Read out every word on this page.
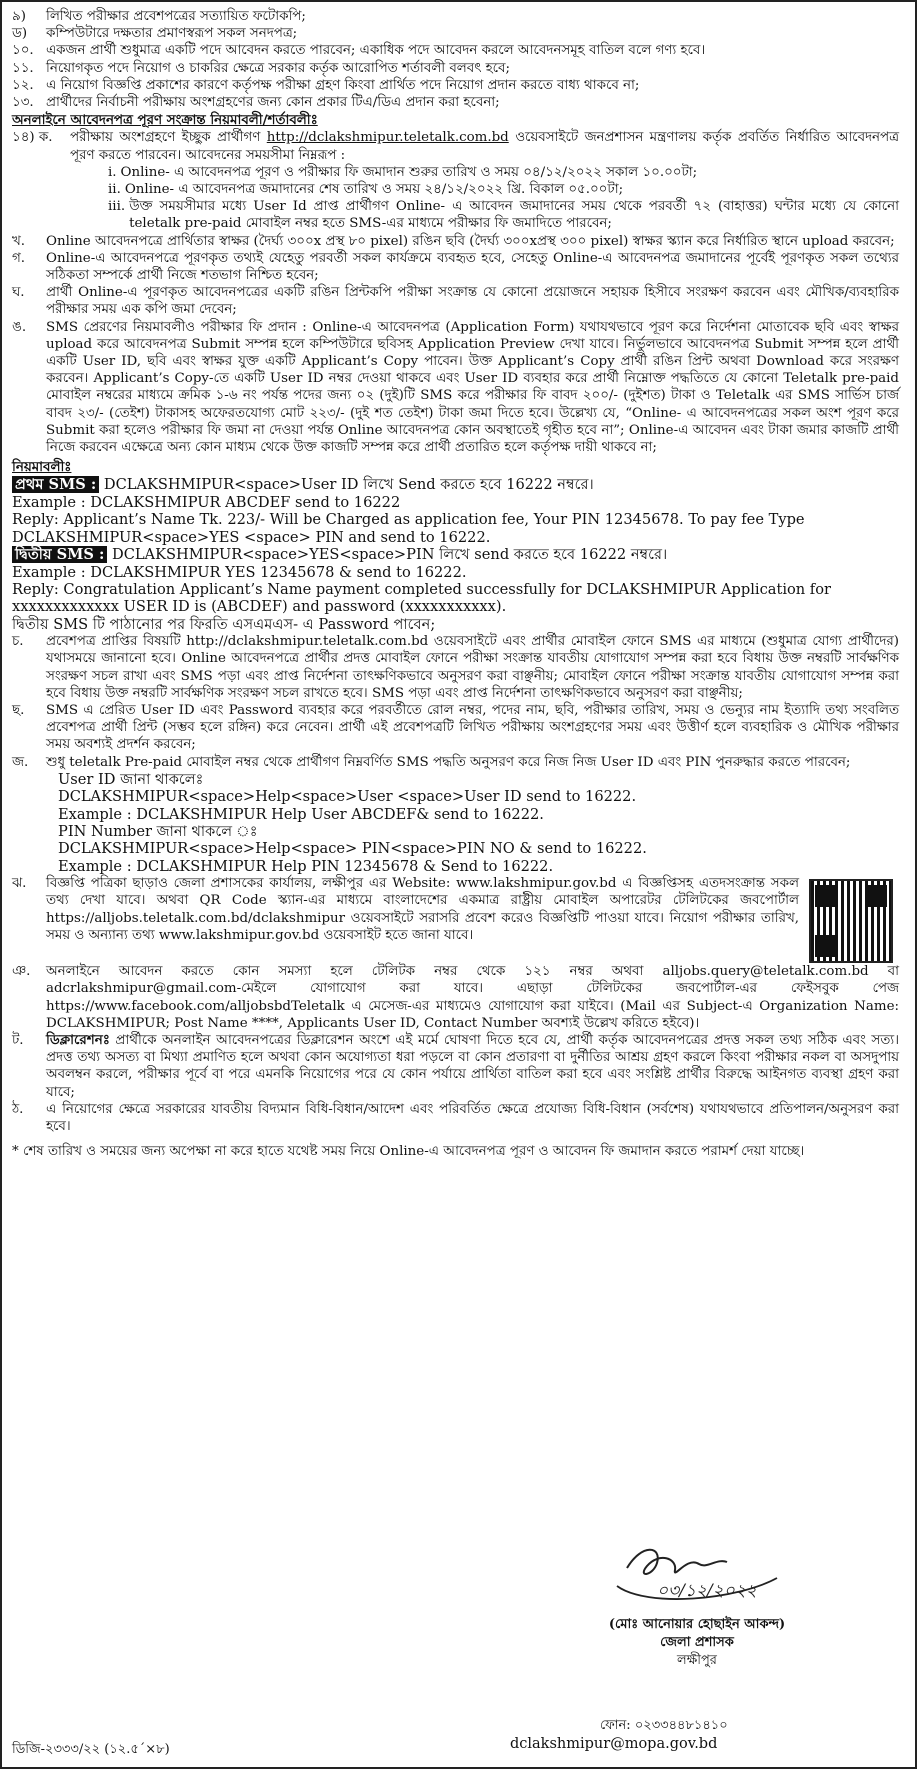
৯)	লিখিত পরীক্ষার প্রবেশপত্রের সত্যায়িত ফটোকপি;
ড)	কম্পিউটারে দক্ষতার প্রমাণস্বরূপ সকল সনদপত্র;
১০. একজন প্রার্থী শুধুমাত্র একটি পদে আবেদন করতে পারবেন; একাধিক পদে আবেদন করলে আবেদনসমূহ বাতিল বলে গণ্য হবে।
১১. নিয়োগকৃত পদে নিয়োগ ও চাকরির ক্ষেত্রে সরকার কর্তৃক আরোপিত শর্তাবলী বলবৎ হবে;
১২. এ নিয়োগ বিজ্ঞপ্তি প্রকাশের কারণে কর্তৃপক্ষ পরীক্ষা গ্রহণ কিংবা প্রার্থিত পদে নিয়োগ প্রদান করতে বাধ্য থাকবে না;
১৩. প্রার্থীদের নির্বাচনী পরীক্ষায় অংশগ্রহণের জন্য কোন প্রকার টিএ/ডিএ প্রদান করা হবেনা;
অনলাইনে আবেদনপত্র পূরণ সংক্রান্ত নিয়মাবলী/শর্তাবলীঃ
১৪) ক.	পরীক্ষায় অংশগ্রহণে ইচ্ছুক প্রার্থীগণ http://dclakshmipur.teletalk.com.bd ওয়েবসাইটে জনপ্রশাসন মন্ত্রণালয় কর্তৃক প্রবর্তিত নির্ধারিত আবেদনপত্র পূরণ করতে পারবেন। আবেদনের সময়সীমা নিম্নরূপ :
i. Online- এ আবেদনপত্র পূরণ ও পরীক্ষার ফি জমাদান শুরুর তারিখ ও সময় ০৪/১২/২০২২ সকাল ১০.০০টা;
ii. Online- এ আবেদনপত্র জমাদানের শেষ তারিখ ও সময় ২৪/১২/২০২২ খ্রি. বিকাল ০৫.০০টা;
iii. উক্ত সময়সীমার মধ্যে User Id প্রাপ্ত প্রার্থীগণ Online- এ আবেদন জমাদানের সময় থেকে পরবর্তী ৭২ (বাহাত্তর) ঘন্টার মধ্যে যে কোনো teletalk pre-paid মোবাইল নম্বর হতে SMS-এর মাধ্যমে পরীক্ষার ফি জমাদিতে পারবেন;
খ.	Online আবেদনপত্রে প্রার্থিতার স্বাক্ষর (দৈর্ঘ্য ৩০০x প্রস্থ ৮০ pixel) রঙিন ছবি (দৈর্ঘ্য ৩০০xপ্রস্থ ৩০০ pixel) স্বাক্ষর স্ক্যান করে নির্ধারিত স্থানে upload করবেন;
গ.	Online-এ আবেদনপত্রে পূরণকৃত তথ্যই যেহেতু পরবর্তী সকল কার্যক্রমে ব্যবহৃত হবে, সেহেতু Online-এ আবেদনপত্র জমাদানের পূর্বেই পূরণকৃত সকল তথ্যের সঠিকতা সম্পর্কে প্রার্থী নিজে শতভাগ নিশ্চিত হবেন;
ঘ.	প্রার্থী Online-এ পূরণকৃত আবেদনপত্রের একটি রঙিন প্রিন্টকপি পরীক্ষা সংক্রান্ত যে কোনো প্রয়োজনে সহায়ক হিসীবে সংরক্ষণ করবেন এবং মৌখিক/ব্যবহারিক পরীক্ষার সময় এক কপি জমা দেবেন;
ঙ.	SMS প্রেরণের নিয়মাবলীও পরীক্ষার ফি প্রদান : Online-এ আবেদনপত্র (Application Form) যথাযথভাবে পূরণ করে নির্দেশনা মোতাবেক ছবি এবং স্বাক্ষর upload করে আবেদনপত্র Submit সম্পন্ন হলে কম্পিউটারে ছবিসহ Application Preview দেখা যাবে। নির্ভুলভাবে আবেদনপত্র Submit সম্পন্ন হলে প্রার্থী একটি User ID, ছবি এবং স্বাক্ষর যুক্ত একটি Applicant’s Copy পাবেন। উক্ত Applicant’s Copy প্রার্থী রঙিন প্রিন্ট অথবা Download করে সংরক্ষণ করবেন। Applicant’s Copy-তে একটি User ID নম্বর দেওয়া থাকবে এবং User ID ব্যবহার করে প্রার্থী নিম্নোক্ত পদ্ধতিতে যে কোনো Teletalk pre-paid মোবাইল নম্বরের মাধ্যমে ক্রমিক ১-৬ নং পর্যন্ত পদের জন্য ০২ (দুই)টি SMS করে পরীক্ষার ফি বাবদ ২০০/- (দুইশত) টাকা ও Teletalk এর SMS সার্ভিস চার্জ বাবদ ২৩/- (তেইশ) টাকাসহ অফেরতযোগ্য মোট ২২৩/- (দুই শত তেইশ) টাকা জমা দিতে হবে। উল্লেখ্য যে, “Online- এ আবেদনপত্রের সকল অংশ পূরণ করে Submit করা হলেও পরীক্ষার ফি জমা না দেওয়া পর্যন্ত Online আবেদনপত্র কোন অবস্থাতেই গৃহীত হবে না”; Online-এ আবেদন এবং টাকা জমার কাজটি প্রার্থী নিজে করবেন এক্ষেত্রে অন্য কোন মাধ্যম থেকে উক্ত কাজটি সম্পন্ন করে প্রার্থী প্রতারিত হলে কর্তৃপক্ষ দায়ী থাকবে না;
নিয়মাবলীঃ
প্রথম SMS : DCLAKSHMIPUR<space>User ID লিখে Send করতে হবে 16222 নম্বরে।
Example : DCLAKSHMIPUR ABCDEF send to 16222
Reply: Applicant’s Name Tk. 223/- Will be Charged as application fee, Your PIN 12345678. To pay fee Type DCLAKSHMIPUR<space>YES <space> PIN and send to 16222.
দ্বিতীয় SMS : DCLAKSHMIPUR<space>YES<space>PIN লিখে send করতে হবে 16222 নম্বরে।
Example : DCLAKSHMIPUR YES 12345678 & send to 16222.
Reply: Congratulation Applicant’s Name payment completed successfully for DCLAKSHMIPUR Application for xxxxxxxxxxxxx USER ID is (ABCDEF) and password (xxxxxxxxxxx).
দ্বিতীয় SMS টি পাঠানোর পর ফিরতি এসএমএস- এ Password পাবেন;
চ.	প্রবেশপত্র প্রাপ্তির বিষয়টি http://dclakshmipur.teletalk.com.bd ওয়েবসাইটে এবং প্রার্থীর মোবাইল ফোনে SMS এর মাধ্যমে (শুধুমাত্র যোগ্য প্রার্থীদের) যথাসময়ে জানানো হবে। Online আবেদনপত্রে প্রার্থীর প্রদত্ত মোবাইল ফোনে পরীক্ষা সংক্রান্ত যাবতীয় যোগাযোগ সম্পন্ন করা হবে বিধায় উক্ত নম্বরটি সার্বক্ষণিক সংরক্ষণ সচল রাখা এবং SMS পড়া এবং প্রাপ্ত নির্দেশনা তাৎক্ষণিকভাবে অনুসরণ করা বাঞ্ছনীয়; মোবাইল ফোনে পরীক্ষা সংক্রান্ত যাবতীয় যোগাযোগ সম্পন্ন করা হবে বিধায় উক্ত নম্বরটি সার্বক্ষণিক সংরক্ষণ সচল রাখতে হবে। SMS পড়া এবং প্রাপ্ত নির্দেশনা তাৎক্ষণিকভাবে অনুসরণ করা বাঞ্ছনীয়;
ছ.	SMS এ প্রেরিত User ID এবং Password ব্যবহার করে পরবর্তীতে রোল নম্বর, পদের নাম, ছবি, পরীক্ষার তারিখ, সময় ও ভেন্যুর নাম ইত্যাদি তথ্য সংবলিত প্রবেশপত্র প্রার্থী প্রিন্ট (সম্ভব হলে রঙ্গিন) করে নেবেন। প্রার্থী এই প্রবেশপত্রটি লিখিত পরীক্ষায় অংশগ্রহণের সময় এবং উত্তীর্ণ হলে ব্যবহারিক ও মৌখিক পরীক্ষার সময় অবশ্যই প্রদর্শন করবেন;
জ.	শুধু teletalk Pre-paid মোবাইল নম্বর থেকে প্রার্থীগণ নিম্নবর্ণিত SMS পদ্ধতি অনুসরণ করে নিজ নিজ User ID এবং PIN পুনরুদ্ধার করতে পারবেন;
User ID জানা থাকলেঃ
DCLAKSHMIPUR<space>Help<space>User <space>User ID send to 16222.
Example : DCLAKSHMIPUR Help User ABCDEF& send to 16222.
PIN Number জানা থাকলে ঃ
DCLAKSHMIPUR<space>Help<space> PIN<space>PIN NO & send to 16222.
Example : DCLAKSHMIPUR Help PIN 12345678 & Send to 16222.
ঝ.	বিজ্ঞপ্তি পত্রিকা ছাড়াও জেলা প্রশাসকের কার্যালয়, লক্ষীপুর এর Website: www.lakshmipur.gov.bd এ বিজ্ঞপ্তিসহ এতদসংক্রান্ত সকল তথ্য দেখা যাবে। অথবা QR Code স্ক্যান-এর মাধ্যমে বাংলাদেশের একমাত্র রাষ্ট্রীয় মোবাইল অপারেটর টেলিটকের জবপোর্টাল https://alljobs.teletalk.com.bd/dclakshmipur ওয়েবসাইটে সরাসরি প্রবেশ করেও বিজ্ঞপ্তিটি পাওয়া যাবে। নিয়োগ পরীক্ষার তারিখ, সময় ও অন্যান্য তথ্য www.lakshmipur.gov.bd ওয়েবসাইট হতে জানা যাবে।
ঞ.	অনলাইনে আবেদন করতে কোন সমস্যা হলে টেলিটক নম্বর থেকে ১২১ নম্বর অথবা alljobs.query@teletalk.com.bd বা adcrlakshmipur@gmail.com-মেইলে যোগাযোগ করা যাবে। এছাড়া টেলিটকের জবপোর্টাল-এর ফেইসবুক পেজ https://www.facebook.com/alljobsbdTeletalk এ মেসেজ-এর মাধ্যমেও যোগাযোগ করা যাইবে। (Mail এর Subject-এ Organization Name: DCLAKSHMIPUR; Post Name ****, Applicants User ID, Contact Number অবশ্যই উল্লেখ করিতে হইবে)।
ট.	ডিক্লারেশনঃ প্রার্থীকে অনলাইন আবেদনপত্রের ডিক্লারেশন অংশে এই মর্মে ঘোষণা দিতে হবে যে, প্রার্থী কর্তৃক আবেদনপত্রের প্রদত্ত সকল তথ্য সঠিক এবং সত্য। প্রদত্ত তথ্য অসত্য বা মিথ্যা প্রমাণিত হলে অথবা কোন অযোগ্যতা ধরা পড়লে বা কোন প্রতারণা বা দুর্নীতির আশ্রয় গ্রহণ করলে কিংবা পরীক্ষার নকল বা অসদুপায় অবলম্বন করলে, পরীক্ষার পূর্বে বা পরে এমনকি নিয়োগের পরে যে কোন পর্যায়ে প্রার্থিতা বাতিল করা হবে এবং সংশ্লিষ্ট প্রার্থীর বিরুদ্ধে আইনগত ব্যবস্থা গ্রহণ করা যাবে;
ঠ.	এ নিয়োগের ক্ষেত্রে সরকারের যাবতীয় বিদ্যমান বিধি-বিধান/আদেশ এবং পরিবর্তিত ক্ষেত্রে প্রযোজ্য বিধি-বিধান (সর্বশেষ) যথাযথভাবে প্রতিপালন/অনুসরণ করা হবে।
* শেষ তারিখ ও সময়ের জন্য অপেক্ষা না করে হাতে যথেষ্ট সময় নিয়ে Online-এ আবেদনপত্র পূরণ ও আবেদন ফি জমাদান করতে পরামর্শ দেয়া যাচ্ছে।
০৩/১২/২০২২
(মোঃ আনোয়ার হোছাইন আকন্দ)
জেলা প্রশাসক
লক্ষীপুর
ফোন: ০২৩৩৪৪৮১৪১০
ডিজি-২৩৩৩/২২ (১২.৫´×৮)	dclakshmipur@mopa.gov.bd
